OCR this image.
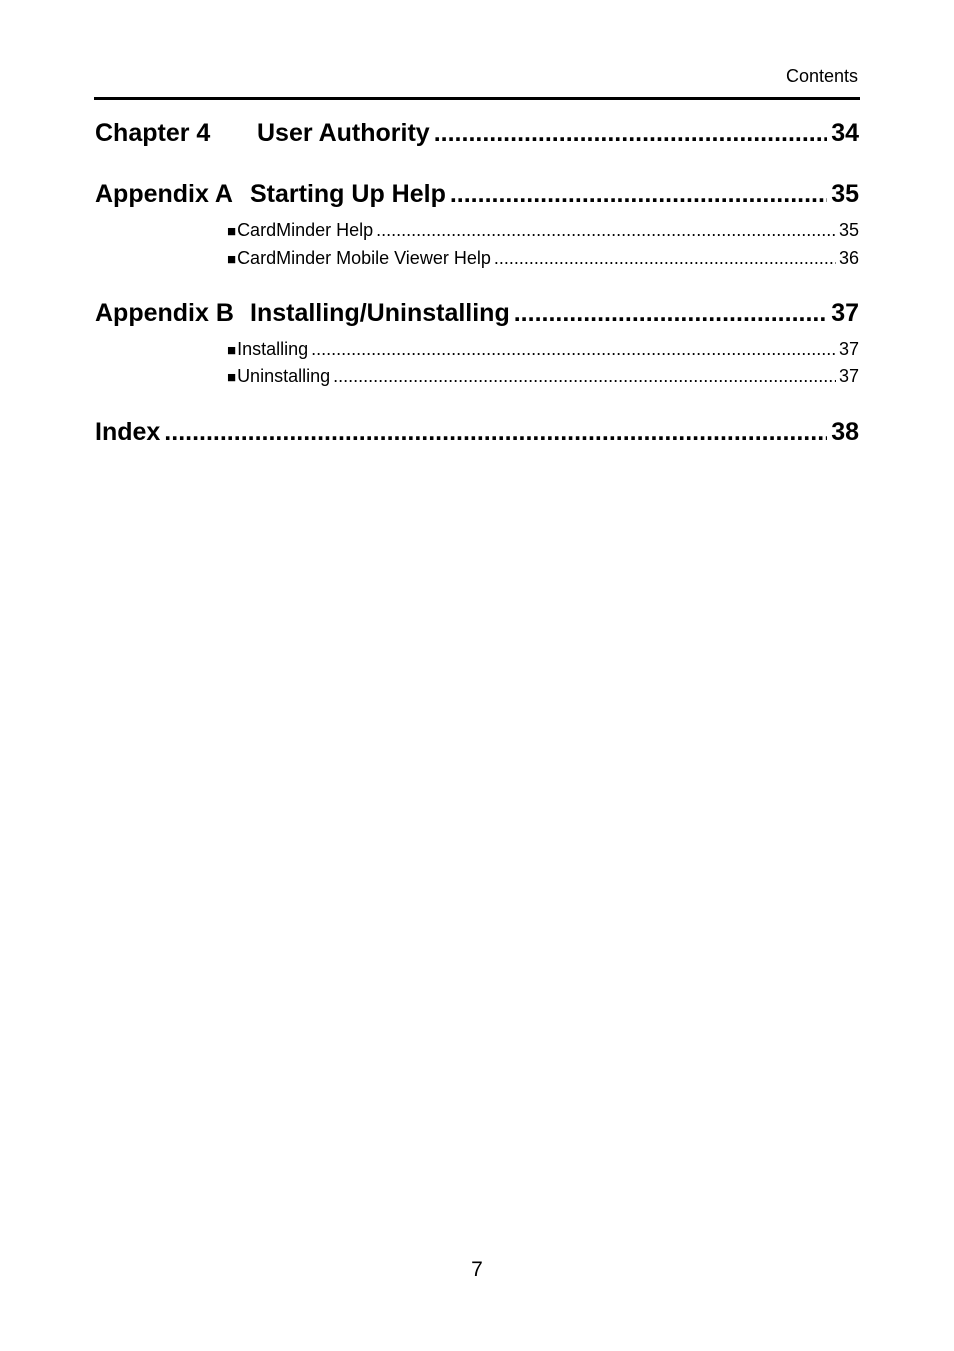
Contents
Chapter 4	User Authority .....	34
Appendix A Starting Up Help .....	35
■ CardMinder Help .....	35
■ CardMinder Mobile Viewer Help .....	36
Appendix B Installing/Uninstalling .....	37
■ Installing .....	37
■ Uninstalling .....	37
Index .....	38
7
